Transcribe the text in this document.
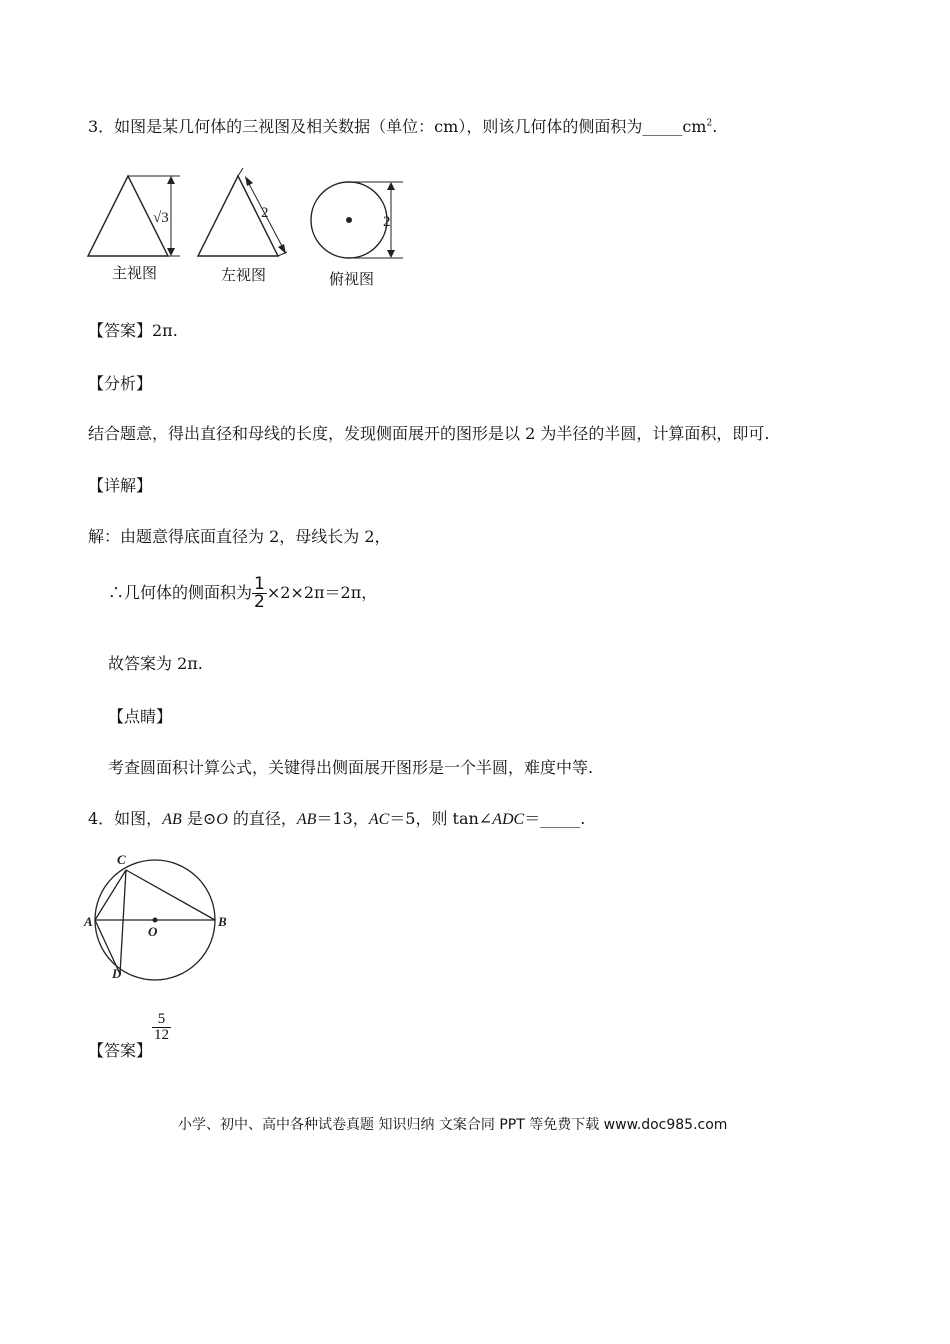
3．如图是某几何体的三视图及相关数据（单位：cm），则该几何体的侧面积为$\_\_\_\_\_cm^2$.
√3	2
2
主视图	左视图	俯视图
【答案】2π.
【分析】
结合题意，得出直径和母线的长度，发现侧面展开的图形是以 2 为半径的半圆，计算面积，即可.
【详解】
解：由题意得底面直径为 2，母线长为 2，
∴几何体的侧面积为 $\frac{1}{2} \times 2\times 2\pi=2\pi$，
故答案为 2π.
【点睛】
考查圆面积计算公式，关键得出侧面展开图形是一个半圆，难度中等.
4．如图，AB 是⊙O 的直径，AB＝13，AC＝5，则 tan∠ADC＝_____.
C
A	B
O
D
【答案】
$\frac{5}{12}$
小学、初中、高中各种试卷真题 知识归纳 文案合同 PPT 等免费下载 www.doc985.com
